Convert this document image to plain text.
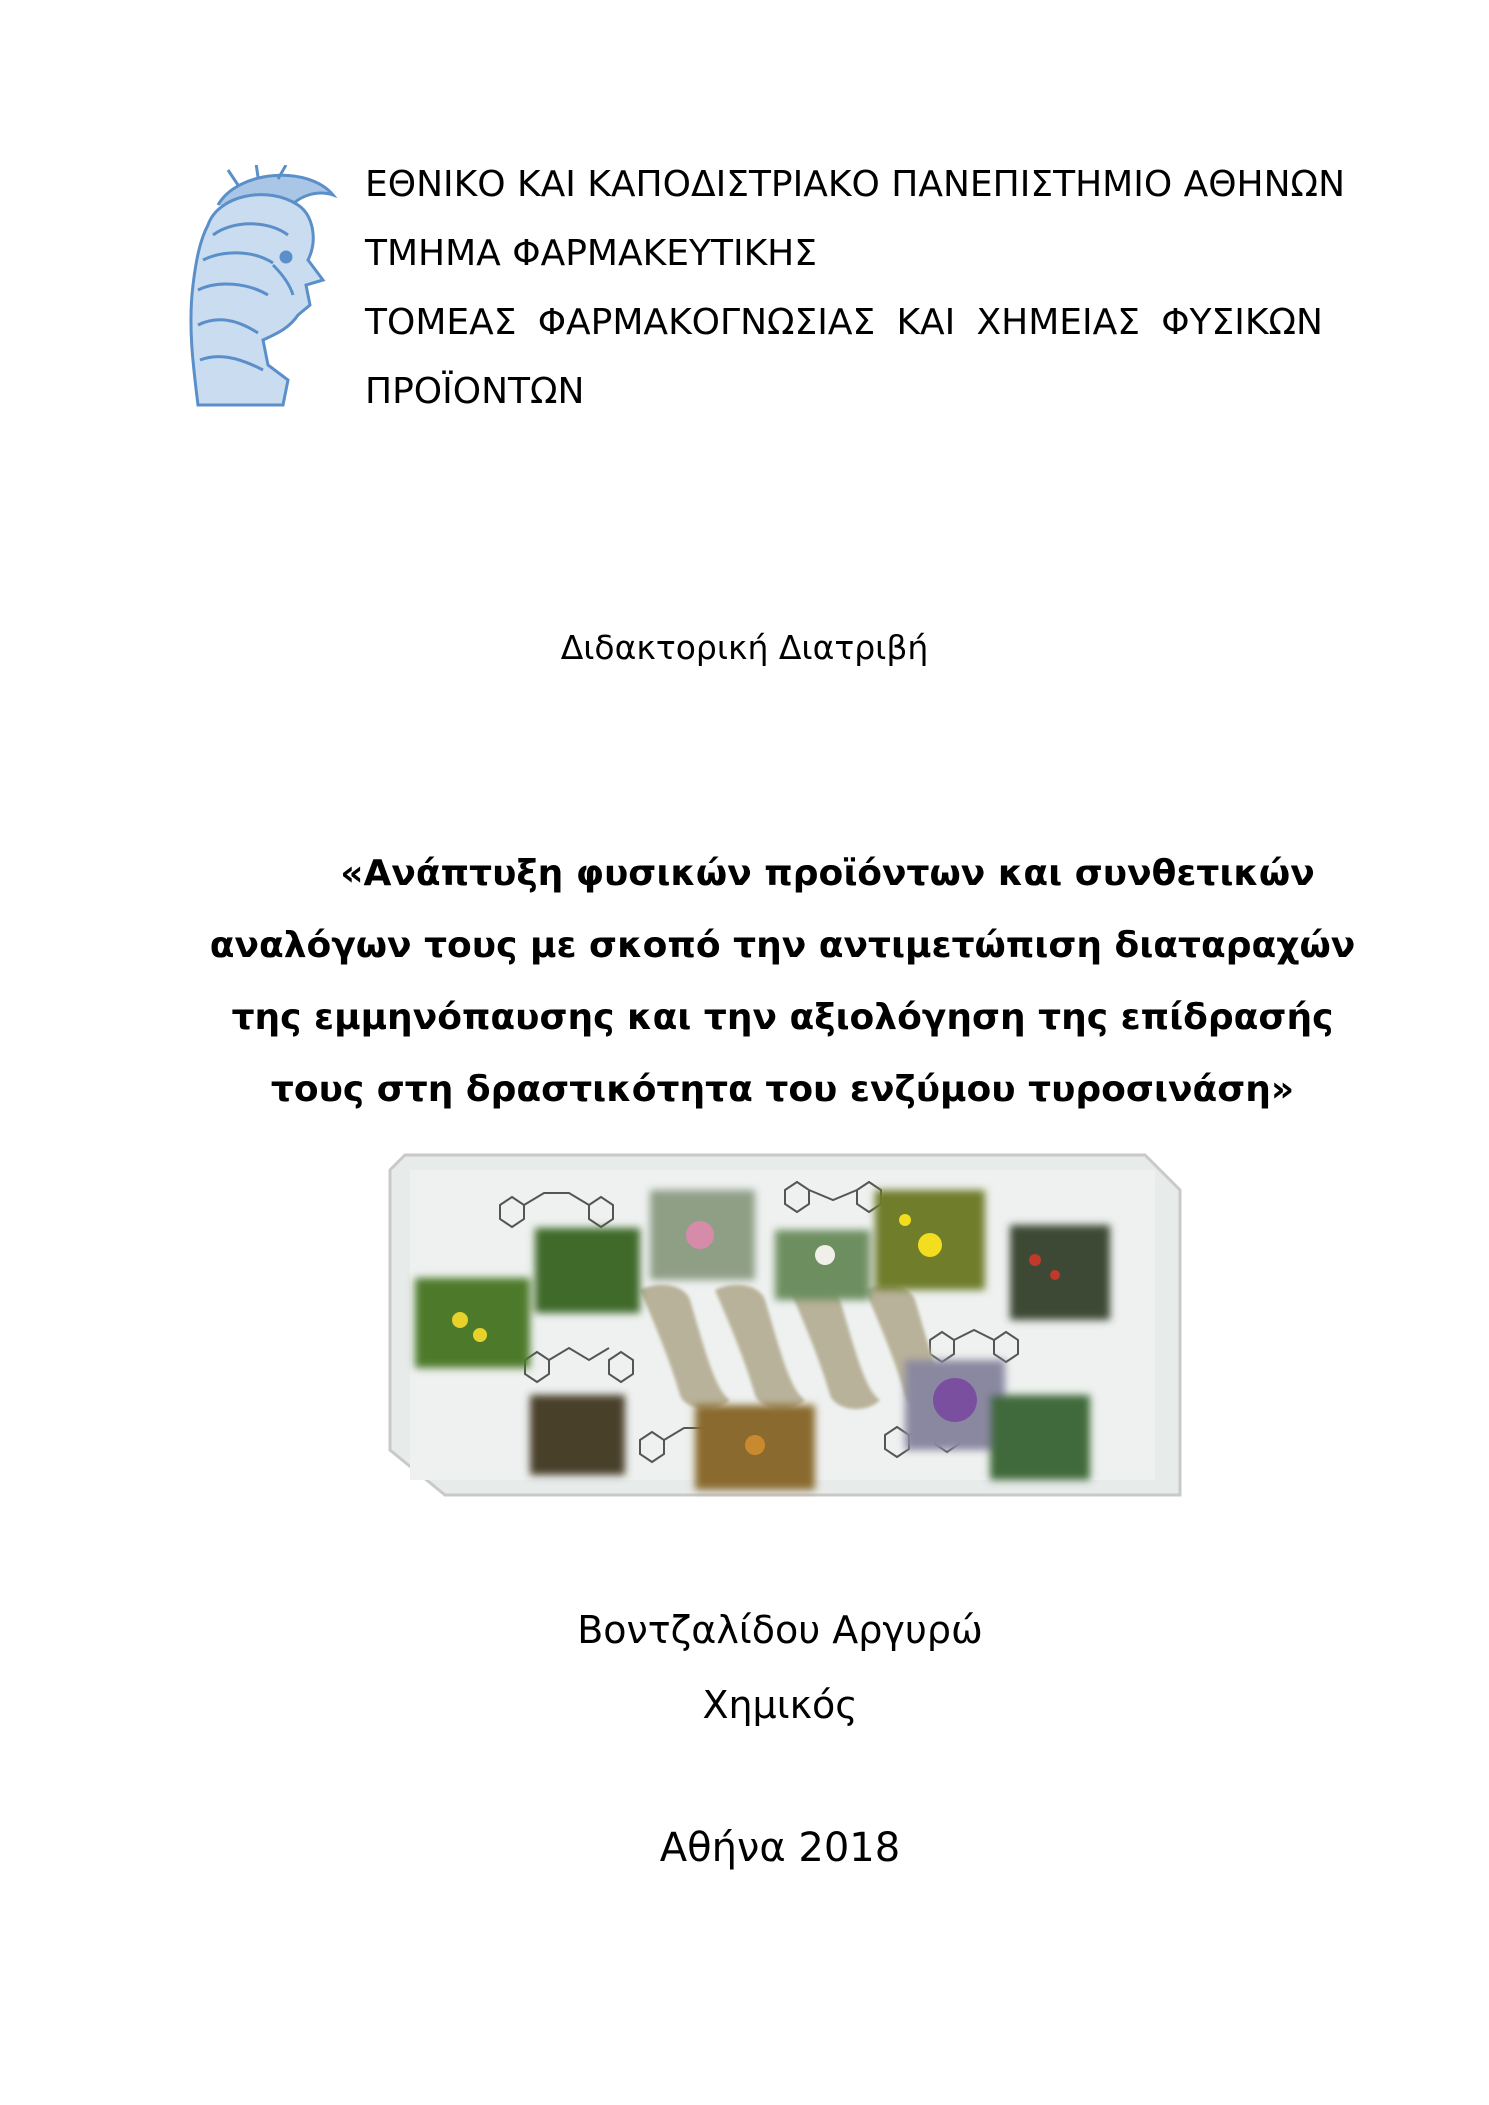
ΕΘΝΙΚΟ ΚΑΙ ΚΑΠΟΔΙΣΤΡΙΑΚΟ ΠΑΝΕΠΙΣΤΗΜΙΟ ΑΘΗΝΩΝ
ΤΜΗΜΑ ΦΑΡΜΑΚΕΥΤΙΚΗΣ
ΤΟΜΕΑΣ ΦΑΡΜΑΚΟΓΝΩΣΙΑΣ ΚΑΙ ΧΗΜΕΙΑΣ ΦΥΣΙΚΩΝ
ΠΡΟΪΟΝΤΩΝ
Διδακτορική Διατριβή
«Ανάπτυξη φυσικών προϊόντων και συνθετικών
αναλόγων τους με σκοπό την αντιμετώπιση διαταραχών
της εμμηνόπαυσης και την αξιολόγηση της επίδρασής
τους στη δραστικότητα του ενζύμου τυροσινάση»
Βοντζαλίδου Αργυρώ
Χημικός
Αθήνα 2018
